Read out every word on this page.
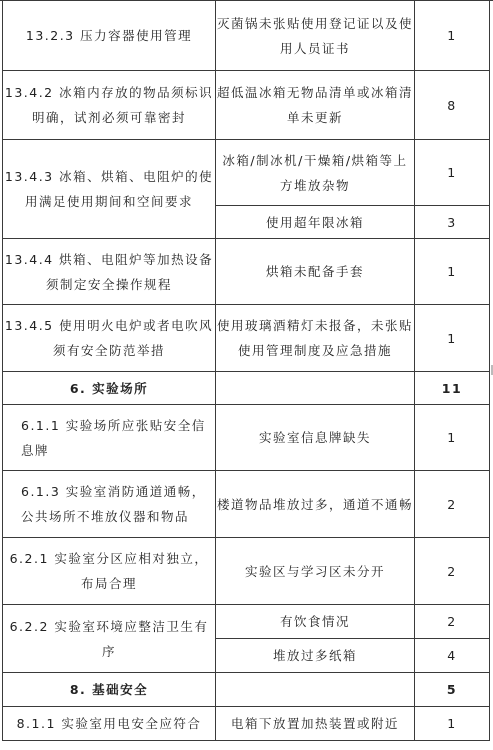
13.2.3 压力容器使用管理	灭菌锅未张贴使用登记证以及使用人员证书	1
13.4.2 冰箱内存放的物品须标识明确，试剂必须可靠密封	超低温冰箱无物品清单或冰箱清单未更新	8
13.4.3 冰箱、烘箱、电阻炉的使用满足使用期间和空间要求	冰箱/制冰机/干燥箱/烘箱等上方堆放杂物	1
	使用超年限冰箱	3
13.4.4 烘箱、电阻炉等加热设备须制定安全操作规程	烘箱未配备手套	1
13.4.5 使用明火电炉或者电吹风须有安全防范举措	使用玻璃酒精灯未报备，未张贴使用管理制度及应急措施	1
6. 实验场所		11
6.1.1 实验场所应张贴安全信息牌	实验室信息牌缺失	1
6.1.3 实验室消防通道通畅，公共场所不堆放仪器和物品	楼道物品堆放过多，通道不通畅	2
6.2.1 实验室分区应相对独立，布局合理	实验区与学习区未分开	2
6.2.2 实验室环境应整洁卫生有序	有饮食情况	2
	堆放过多纸箱	4
8. 基础安全		5
8.1.1 实验室用电安全应符合	电箱下放置加热装置或附近	1
